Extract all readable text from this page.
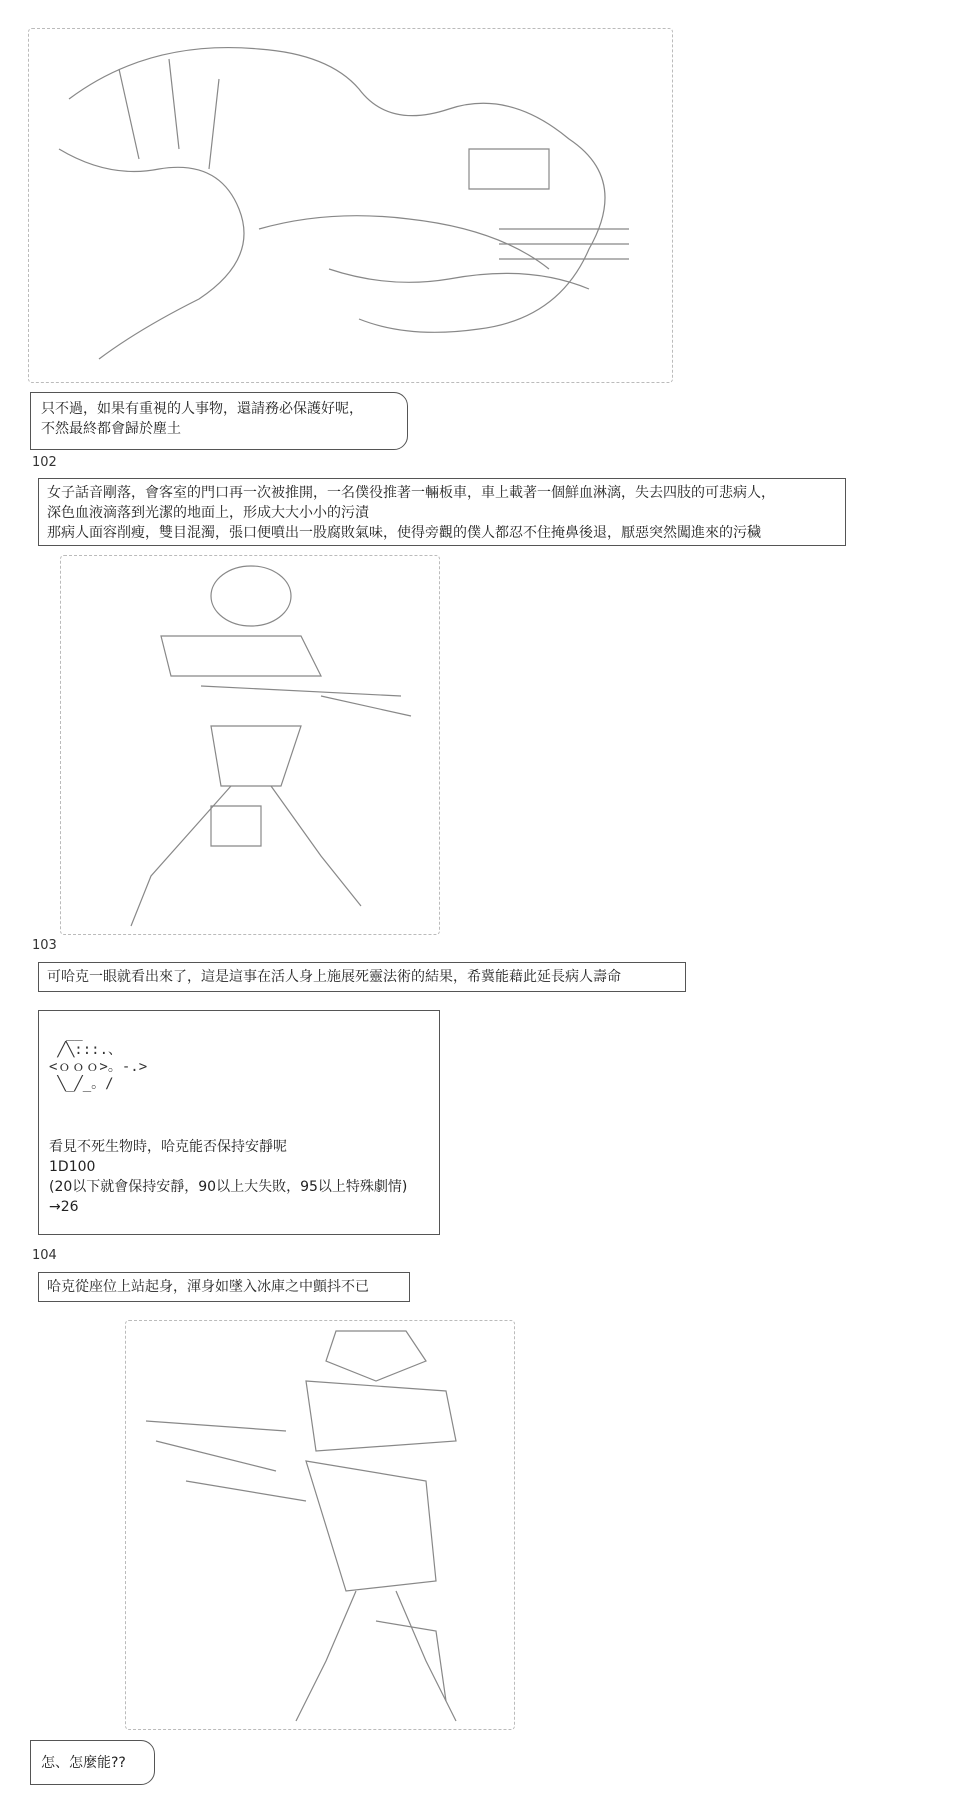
只不過，如果有重視的人事物，還請務必保護好呢，
不然最終都會歸於塵土
102
女子話音剛落，會客室的門口再一次被推開，一名僕役推著一輛板車，車上載著一個鮮血淋漓，失去四肢的可悲病人，
深色血液滴落到光潔的地面上，形成大大小小的污漬
那病人面容削瘦，雙目混濁，張口便噴出一股腐敗氣味，使得旁觀的僕人都忍不住掩鼻後退，厭惡突然闖進來的污穢
103
可哈克一眼就看出來了，這是這事在活人身上施展死靈法術的結果，希冀能藉此延長病人壽命
__
╱╲:::.、
<ｏｏｏ>。-.>
╲_╱_。/
看見不死生物時，哈克能否保持安靜呢
1D100
(20以下就會保持安靜，90以上大失敗，95以上特殊劇情)
→26
104
哈克從座位上站起身，渾身如墜入冰庫之中顫抖不已
怎、怎麼能??
